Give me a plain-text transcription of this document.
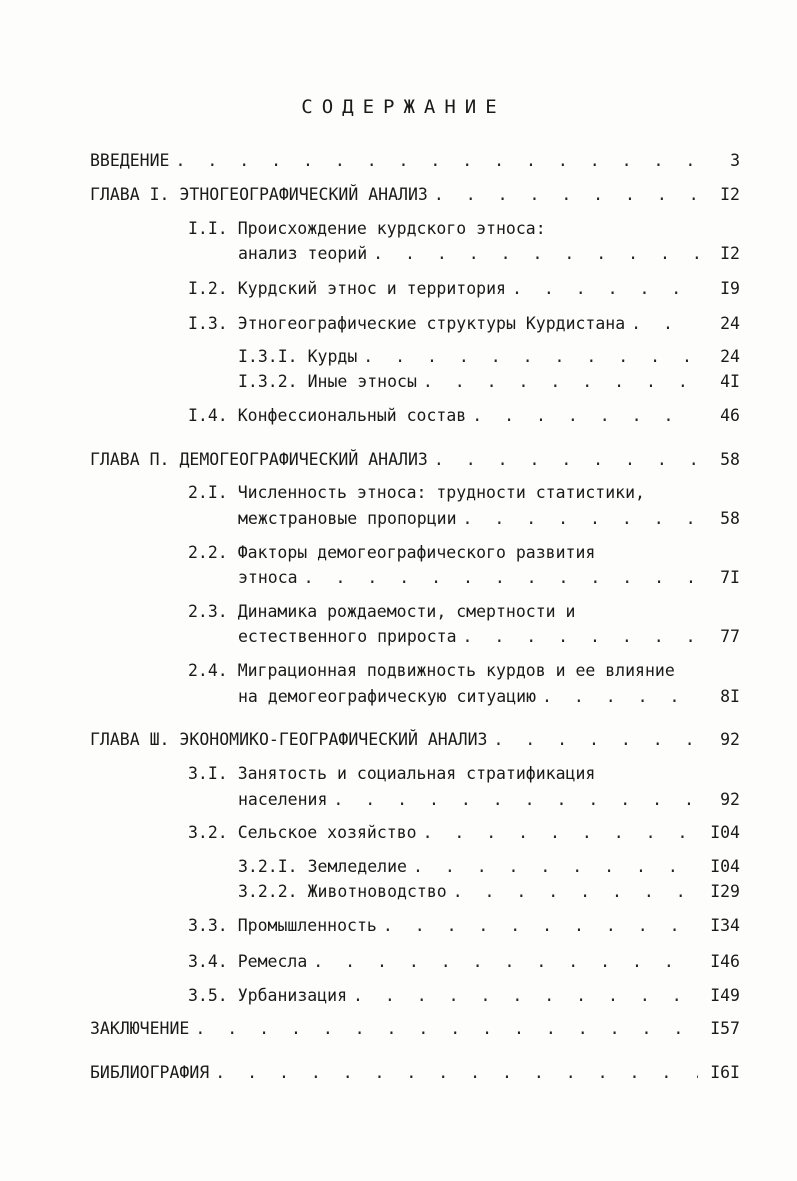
СОДЕРЖАНИЕ
ВВЕДЕНИЕ . . .	3
ГЛАВА I. ЭТНОГЕОГРАФИЧЕСКИЙ АНАЛИЗ . . .	I2
I.I. Происхождение курдского этноса:
анализ теорий . . .	I2
I.2. Курдский этнос и территория . . .	I9
I.3. Этногеографические структуры Курдистана . . .	24
I.3.I. Курды . . .	24
I.3.2. Иные этносы . . .	4I
I.4. Конфессиональный состав . . .	46
ГЛАВА П. ДЕМОГЕОГРАФИЧЕСКИЙ АНАЛИЗ . . .	58
2.I. Численность этноса: трудности статистики,
межстрановые пропорции . . .	58
2.2. Факторы демогеографического развития
этноса . . .	7I
2.3. Динамика рождаемости, смертности и
естественного прироста . . .	77
2.4. Миграционная подвижность курдов и ее влияние
на демогеографическую ситуацию . . .	8I
ГЛАВА Ш. ЭКОНОМИКО-ГЕОГРАФИЧЕСКИЙ АНАЛИЗ . . .	92
3.I. Занятость и социальная стратификация
населения . . .	92
3.2. Сельское хозяйство . . .	I04
3.2.I. Земледелие . . .	I04
3.2.2. Животноводство . . .	I29
3.3. Промышленность . . .	I34
3.4. Ремесла . . .	I46
3.5. Урбанизация . . .	I49
ЗАКЛЮЧЕНИЕ . . .	I57
БИБЛИОГРАФИЯ . . .	I6I
